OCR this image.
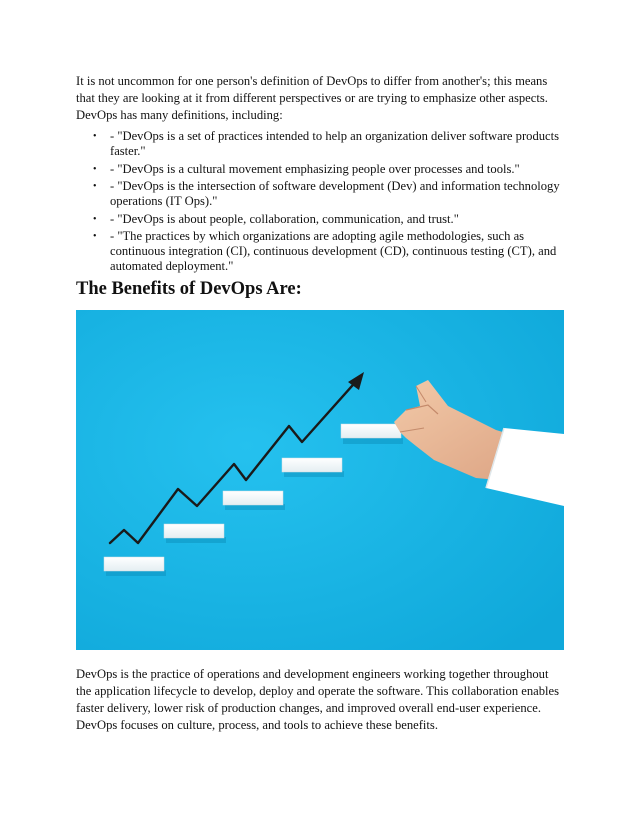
It is not uncommon for one person's definition of DevOps to differ from another's; this means that they are looking at it from different perspectives or are trying to emphasize other aspects. DevOps has many definitions, including:

• - "DevOps is a set of practices intended to help an organization deliver software products faster."
• - "DevOps is a cultural movement emphasizing people over processes and tools."
• - "DevOps is the intersection of software development (Dev) and information technology operations (IT Ops)."
• - "DevOps is about people, collaboration, communication, and trust."
• - "The practices by which organizations are adopting agile methodologies, such as continuous integration (CI), continuous development (CD), continuous testing (CT), and automated deployment."
The Benefits of DevOps Are:

DevOps is the practice of operations and development engineers working together throughout the application lifecycle to develop, deploy and operate the software. This collaboration enables faster delivery, lower risk of production changes, and improved overall end-user experience. DevOps focuses on culture, process, and tools to achieve these benefits.
